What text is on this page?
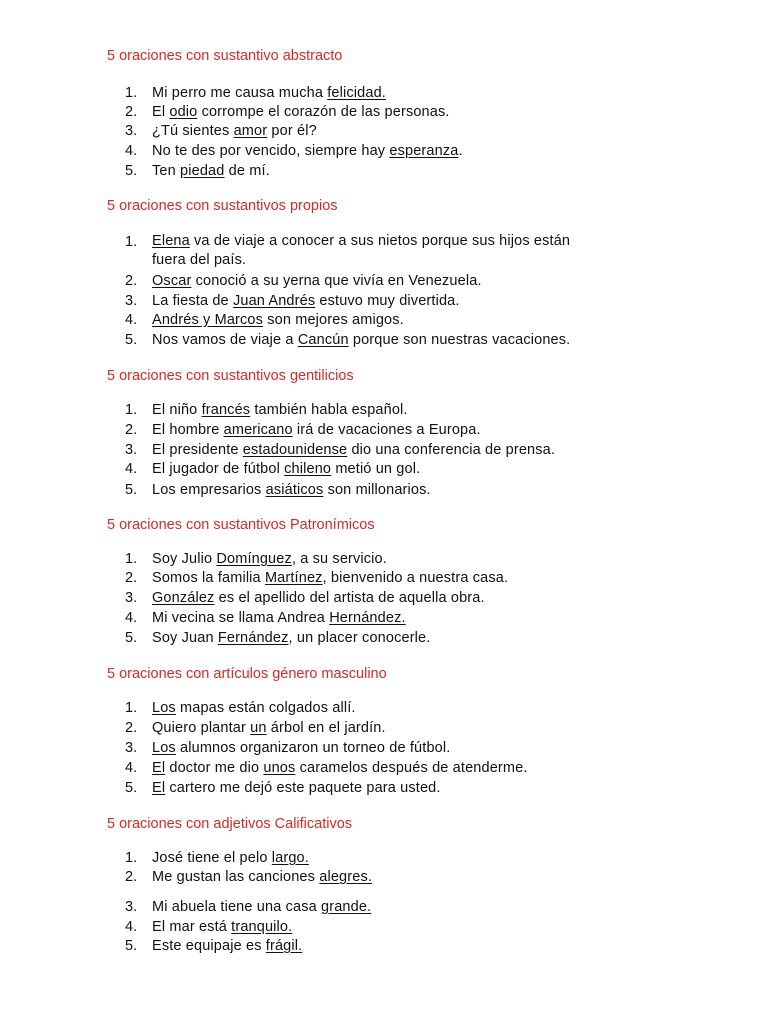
5 oraciones con sustantivo abstracto
1.	Mi perro me causa mucha felicidad.
2.	El odio corrompe el corazón de las personas.
3.	¿Tú sientes amor por él?
4.	No te des por vencido, siempre hay esperanza.
5.	Ten piedad de mí.
5 oraciones con sustantivos propios
1.	Elena va de viaje a conocer a sus nietos porque sus hijos están
fuera del país.
2.	Oscar conoció a su yerna que vivía en Venezuela.
3.	La fiesta de Juan Andrés estuvo muy divertida.
4.	Andrés y Marcos son mejores amigos.
5.	Nos vamos de viaje a Cancún porque son nuestras vacaciones.
5 oraciones con sustantivos gentilicios
1.	El niño francés también habla español.
2.	El hombre americano irá de vacaciones a Europa.
3.	El presidente estadounidense dio una conferencia de prensa.
4.	El jugador de fútbol chileno metió un gol.
5.	Los empresarios asiáticos son millonarios.
5 oraciones con sustantivos Patronímicos
1.	Soy Julio Domínguez, a su servicio.
2.	Somos la familia Martínez, bienvenido a nuestra casa.
3.	González es el apellido del artista de aquella obra.
4.	Mi vecina se llama Andrea Hernández.
5.	Soy Juan Fernández, un placer conocerle.
5 oraciones con artículos género masculino
1.	Los mapas están colgados allí.
2.	Quiero plantar un árbol en el jardín.
3.	Los alumnos organizaron un torneo de fútbol.
4.	El doctor me dio unos caramelos después de atenderme.
5.	El cartero me dejó este paquete para usted.
5 oraciones con adjetivos Calificativos
1.	José tiene el pelo largo.
2.	Me gustan las canciones alegres.
3.	Mi abuela tiene una casa grande.
4.	El mar está tranquilo.
5.	Este equipaje es frágil.
